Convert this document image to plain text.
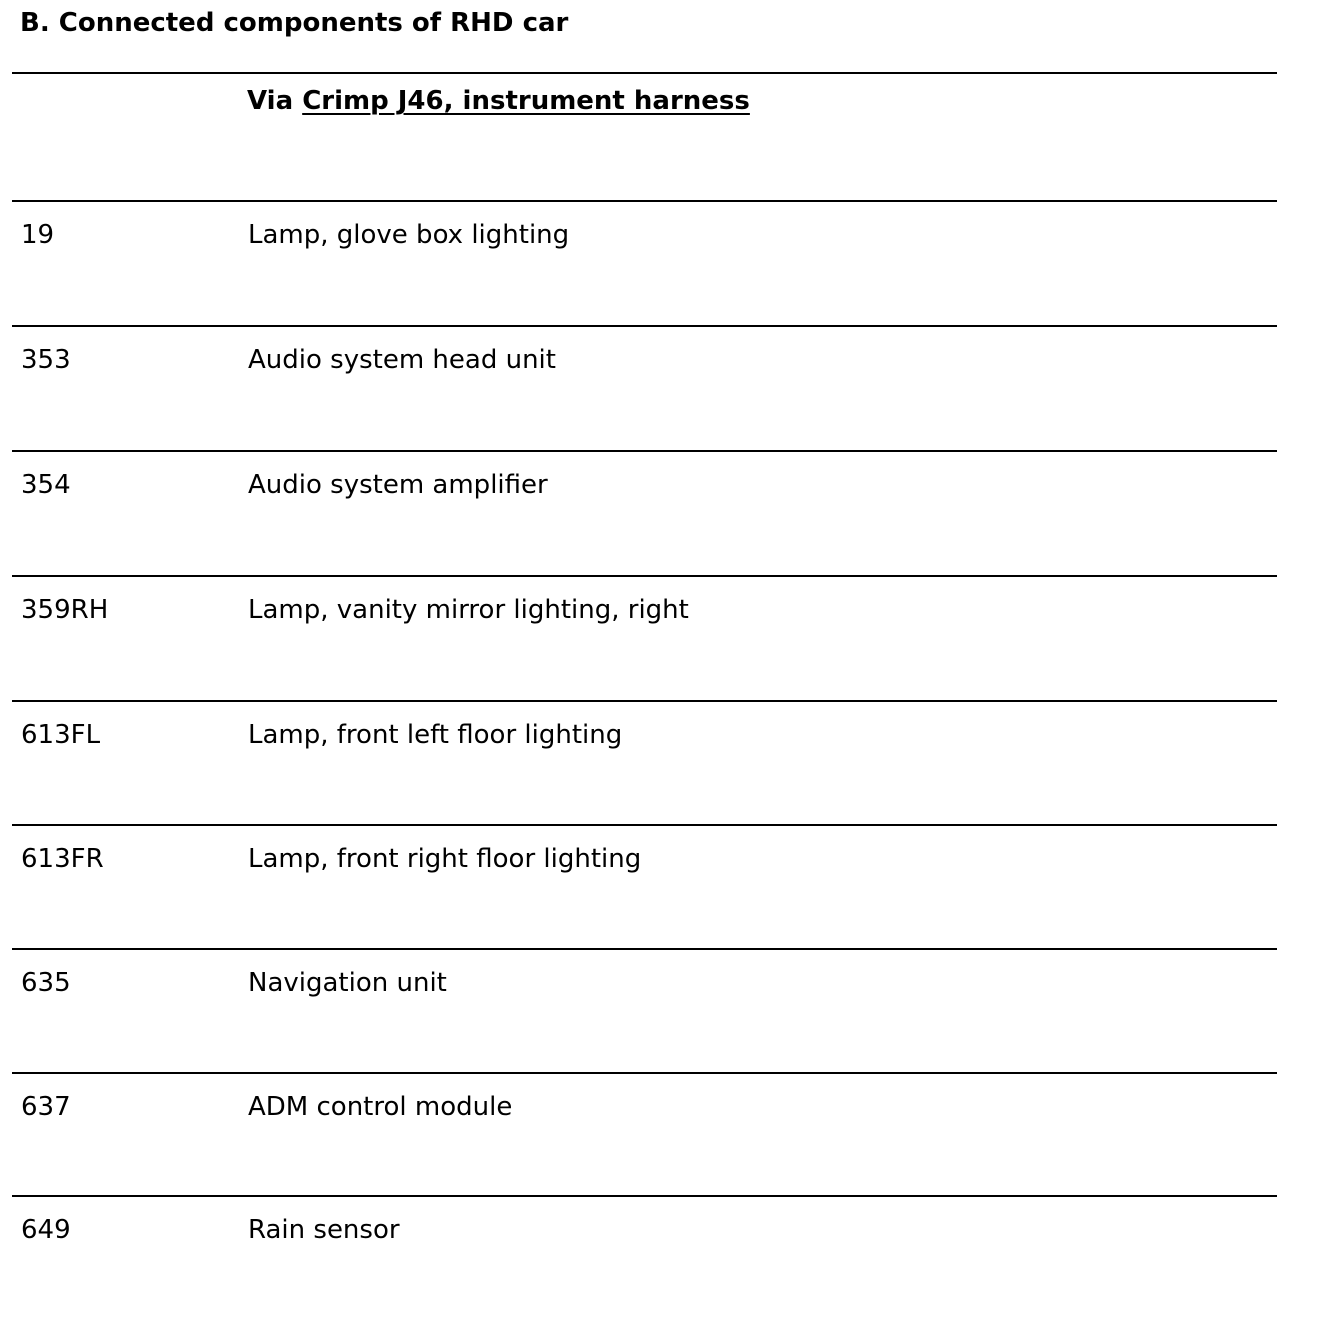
B. Connected components of RHD car
Via Crimp J46, instrument harness
19	Lamp, glove box lighting
353	Audio system head unit
354	Audio system amplifier
359RH	Lamp, vanity mirror lighting, right
613FL	Lamp, front left floor lighting
613FR	Lamp, front right floor lighting
635	Navigation unit
637	ADM control module
649	Rain sensor
